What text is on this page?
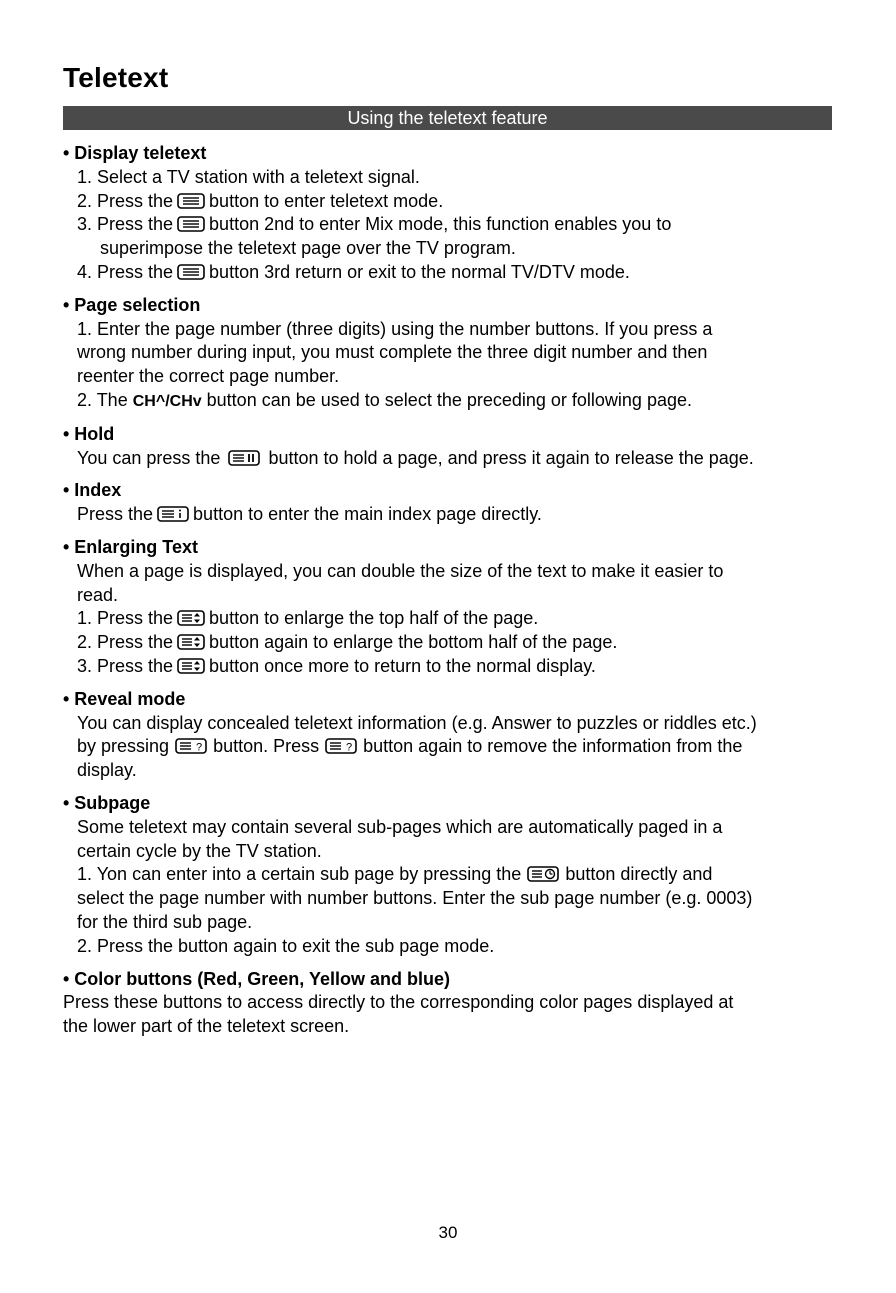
Teletext
Using the teletext feature
• Display teletext
1. Select a TV station with a teletext signal.
2. Press the button to enter teletext mode.
3. Press the button 2nd to enter Mix mode, this function enables you to
superimpose the teletext page over the TV program.
4. Press the button 3rd return or exit to the normal TV/DTV mode.
• Page selection
1. Enter the page number (three digits) using the number buttons. If you press a
wrong number during input, you must complete the three digit number and then
reenter the correct page number.
2. The CH^/CHv button can be used to select the preceding or following page.
• Hold
You can press the	button to hold a page, and press it again to release the page.
• Index
Press the button to enter the main index page directly.
• Enlarging Text
When a page is displayed, you can double the size of the text to make it easier to
read.
1. Press the button to enlarge the top half of the page.
2. Press the button again to enlarge the bottom half of the page.
3. Press the button once more to return to the normal display.
• Reveal mode
You can display concealed teletext information (e.g. Answer to puzzles or riddles etc.)
by pressing ? button. Press ? button again to remove the information from the
display.
• Subpage
Some teletext may contain several sub-pages which are automatically paged in a
certain cycle by the TV station.
1. Yon can enter into a certain sub page by pressing the button directly and
select the page number with number buttons. Enter the sub page number (e.g. 0003)
for the third sub page.
2. Press the button again to exit the sub page mode.
• Color buttons (Red, Green, Yellow and blue)
Press these buttons to access directly to the corresponding color pages displayed at
the lower part of the teletext screen.
30
